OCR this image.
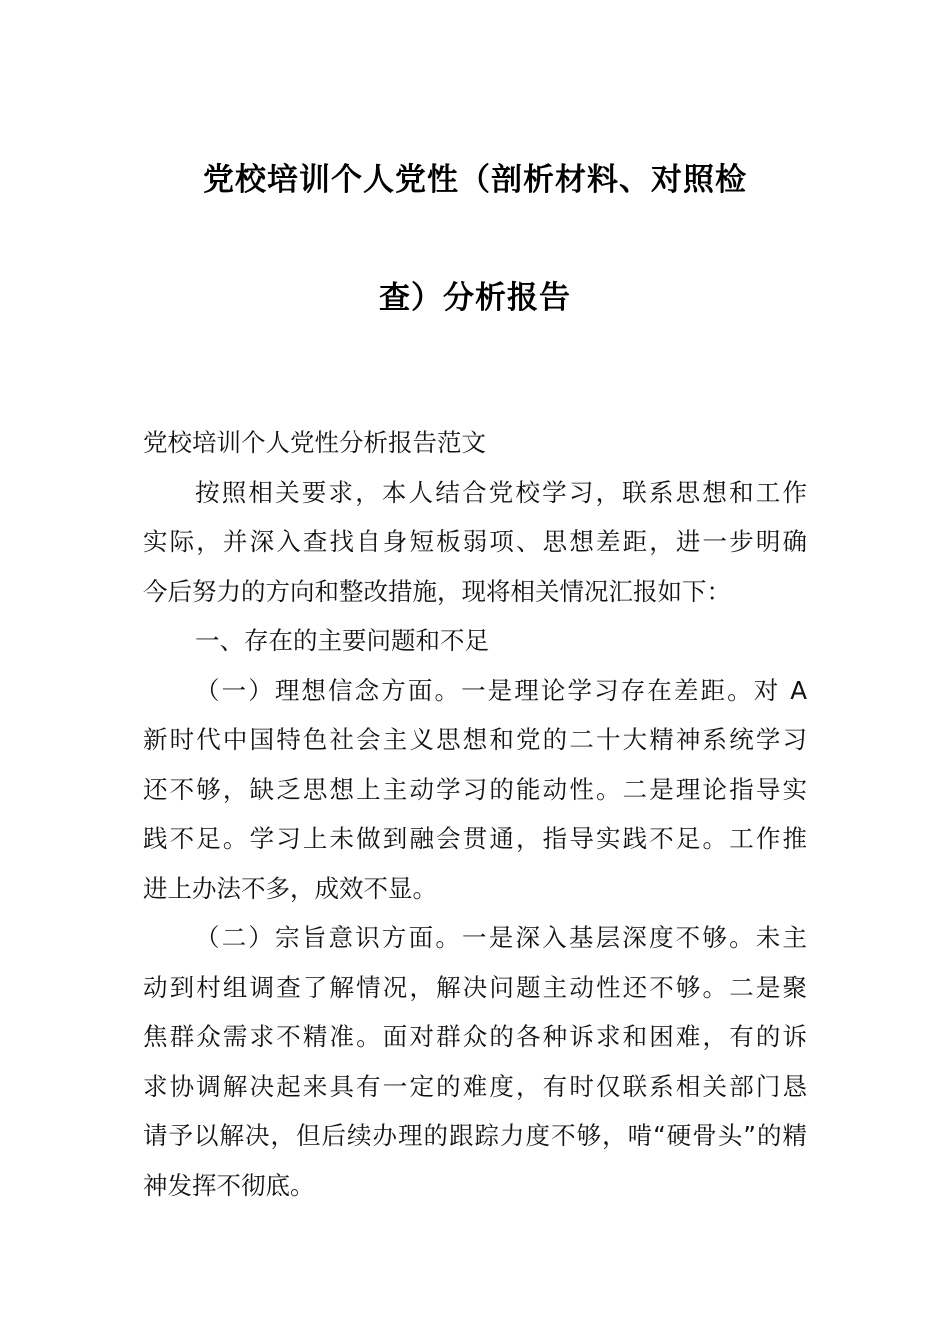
党校培训个人党性（剖析材料、对照检
查）分析报告
党校培训个人党性分析报告范文
按照相关要求，本人结合党校学习，联系思想和工作
实际，并深入查找自身短板弱项、思想差距，进一步明确
今后努力的方向和整改措施，现将相关情况汇报如下：
一、存在的主要问题和不足
（一）理想信念方面。一是理论学习存在差距。对 A
新时代中国特色社会主义思想和党的二十大精神系统学习
还不够，缺乏思想上主动学习的能动性。二是理论指导实
践不足。学习上未做到融会贯通，指导实践不足。工作推
进上办法不多，成效不显。
（二）宗旨意识方面。一是深入基层深度不够。未主
动到村组调查了解情况，解决问题主动性还不够。二是聚
焦群众需求不精准。面对群众的各种诉求和困难，有的诉
求协调解决起来具有一定的难度，有时仅联系相关部门恳
请予以解决，但后续办理的跟踪力度不够，啃“硬骨头”的精
神发挥不彻底。
